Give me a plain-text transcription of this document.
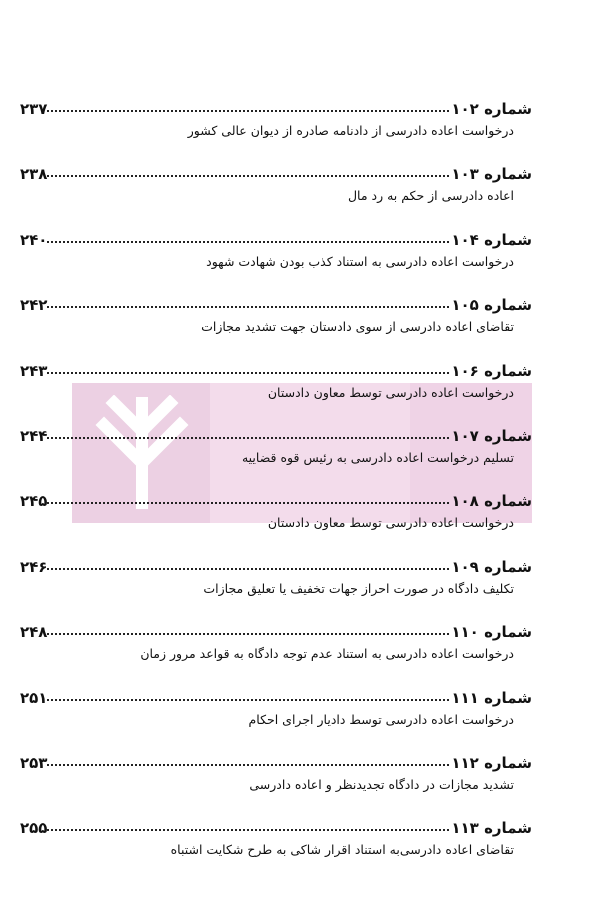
شماره ۱۰۲
۲۳۷
درخواست اعاده دادرسی از دادنامه صادره از دیوان عالی کشور
شماره ۱۰۳
۲۳۸
اعاده دادرسی از حکم به رد مال
شماره ۱۰۴
۲۴۰
درخواست اعاده دادرسی به استناد کذب بودن شهادت شهود
شماره ۱۰۵
۲۴۲
تقاضای اعاده دادرسی از سوی دادستان جهت تشدید مجازات
شماره ۱۰۶
۲۴۳
درخواست اعاده دادرسی توسط معاون دادستان
شماره ۱۰۷
۲۴۴
تسلیم درخواست اعاده دادرسی به رئیس قوه قضاییه
شماره ۱۰۸
۲۴۵
درخواست اعاده دادرسی توسط معاون دادستان
شماره ۱۰۹
۲۴۶
تکلیف دادگاه در صورت احراز جهات تخفیف یا تعلیق مجازات
شماره ۱۱۰
۲۴۸
درخواست اعاده دادرسی به استناد عدم توجه دادگاه به قواعد مرور زمان
شماره ۱۱۱
۲۵۱
درخواست اعاده دادرسی توسط دادیار اجرای احکام
شماره ۱۱۲
۲۵۳
تشدید مجازات در دادگاه تجدیدنظر و اعاده دادرسی
شماره ۱۱۳
۲۵۵
تقاضای اعاده دادرسی‌به استناد اقرار شاکی به طرح شکایت اشتباه
